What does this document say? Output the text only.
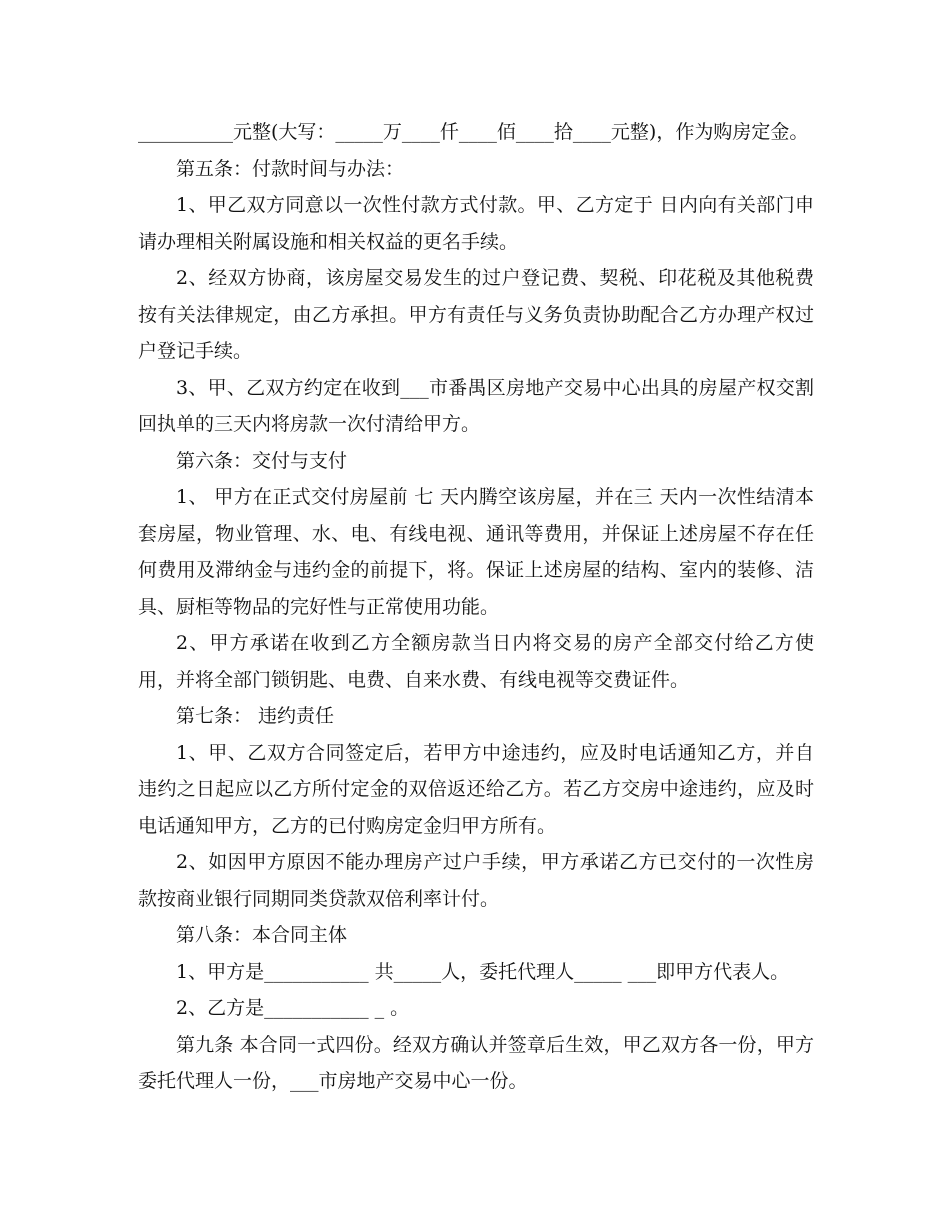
__________元整(大写：_____万____仟____佰____拾____元整)，作为购房定金。

第五条：付款时间与办法：

1、甲乙双方同意以一次性付款方式付款。甲、乙方定于 日内向有关部门申请办理相关附属设施和相关权益的更名手续。

2、经双方协商，该房屋交易发生的过户登记费、契税、印花税及其他税费按有关法律规定，由乙方承担。甲方有责任与义务负责协助配合乙方办理产权过户登记手续。

3、甲、乙双方约定在收到___市番禺区房地产交易中心出具的房屋产权交割回执单的三天内将房款一次付清给甲方。

第六条：交付与支付

1、 甲方在正式交付房屋前 七 天内腾空该房屋，并在三 天内一次性结清本套房屋，物业管理、水、电、有线电视、通讯等费用，并保证上述房屋不存在任何费用及滞纳金与违约金的前提下，将。保证上述房屋的结构、室内的装修、洁具、厨柜等物品的完好性与正常使用功能。

2、甲方承诺在收到乙方全额房款当日内将交易的房产全部交付给乙方使用，并将全部门锁钥匙、电费、自来水费、有线电视等交费证件。

第七条： 违约责任

1、甲、乙双方合同签定后，若甲方中途违约，应及时电话通知乙方，并自违约之日起应以乙方所付定金的双倍返还给乙方。若乙方交房中途违约，应及时电话通知甲方，乙方的已付购房定金归甲方所有。

2、如因甲方原因不能办理房产过户手续，甲方承诺乙方已交付的一次性房款按商业银行同期同类贷款双倍利率计付。

第八条：本合同主体

1、甲方是___________ 共_____人，委托代理人_____ ___即甲方代表人。

2、乙方是___________ _ 。

第九条 本合同一式四份。经双方确认并签章后生效，甲乙双方各一份，甲方委托代理人一份，___市房地产交易中心一份。
